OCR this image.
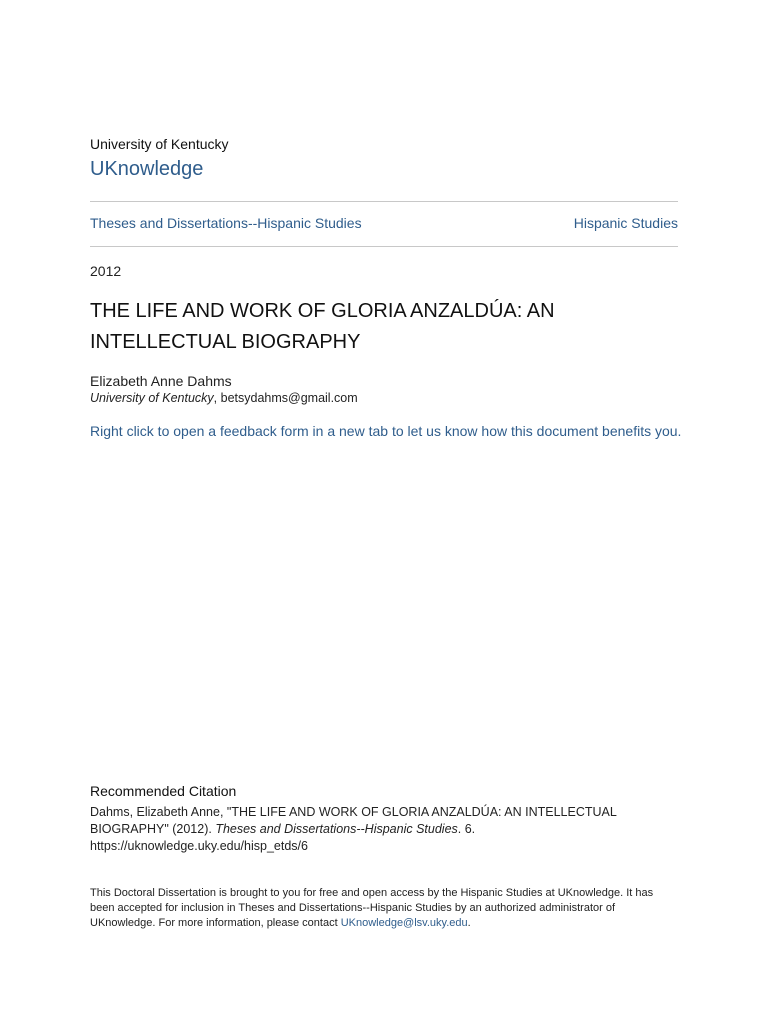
University of Kentucky
UKnowledge
Theses and Dissertations--Hispanic Studies	Hispanic Studies
2012
THE LIFE AND WORK OF GLORIA ANZALDÚA: AN INTELLECTUAL BIOGRAPHY
Elizabeth Anne Dahms
University of Kentucky, betsydahms@gmail.com
Right click to open a feedback form in a new tab to let us know how this document benefits you.
Recommended Citation
Dahms, Elizabeth Anne, "THE LIFE AND WORK OF GLORIA ANZALDÚA: AN INTELLECTUAL BIOGRAPHY" (2012). Theses and Dissertations--Hispanic Studies. 6.
https://uknowledge.uky.edu/hisp_etds/6
This Doctoral Dissertation is brought to you for free and open access by the Hispanic Studies at UKnowledge. It has been accepted for inclusion in Theses and Dissertations--Hispanic Studies by an authorized administrator of UKnowledge. For more information, please contact UKnowledge@lsv.uky.edu.
